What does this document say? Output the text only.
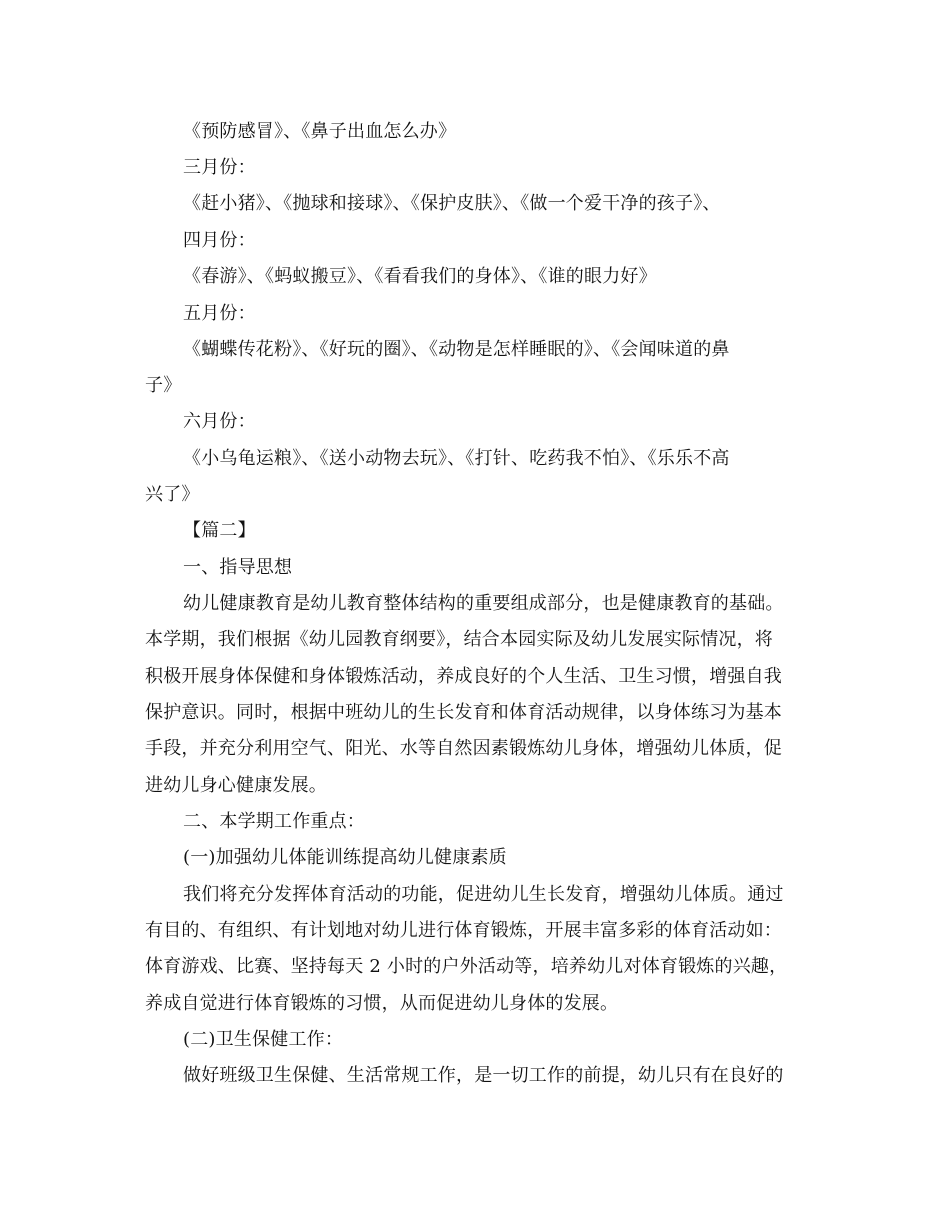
《预防感冒》、《鼻子出血怎么办》
三月份：
《赶小猪》、《抛球和接球》、《保护皮肤》、《做一个爱干净的孩子》、
四月份：
《春游》、《蚂蚁搬豆》、《看看我们的身体》、《谁的眼力好》
五月份：
《蝴蝶传花粉》、《好玩的圈》、《动物是怎样睡眠的》、《会闻味道的鼻
子》
六月份：
《小乌龟运粮》、《送小动物去玩》、《打针、吃药我不怕》、《乐乐不高
兴了》
【篇二】
一、指导思想
幼儿健康教育是幼儿教育整体结构的重要组成部分，也是健康教育的基础。
本学期，我们根据《幼儿园教育纲要》，结合本园实际及幼儿发展实际情况，将
积极开展身体保健和身体锻炼活动，养成良好的个人生活、卫生习惯，增强自我
保护意识。同时，根据中班幼儿的生长发育和体育活动规律，以身体练习为基本
手段，并充分利用空气、阳光、水等自然因素锻炼幼儿身体，增强幼儿体质，促
进幼儿身心健康发展。
二、本学期工作重点：
(一)加强幼儿体能训练提高幼儿健康素质
我们将充分发挥体育活动的功能，促进幼儿生长发育，增强幼儿体质。通过
有目的、有组织、有计划地对幼儿进行体育锻炼，开展丰富多彩的体育活动如：
体育游戏、比赛、坚持每天 2 小时的户外活动等，培养幼儿对体育锻炼的兴趣，
养成自觉进行体育锻炼的习惯，从而促进幼儿身体的发展。
(二)卫生保健工作：
做好班级卫生保健、生活常规工作，是一切工作的前提，幼儿只有在良好的
